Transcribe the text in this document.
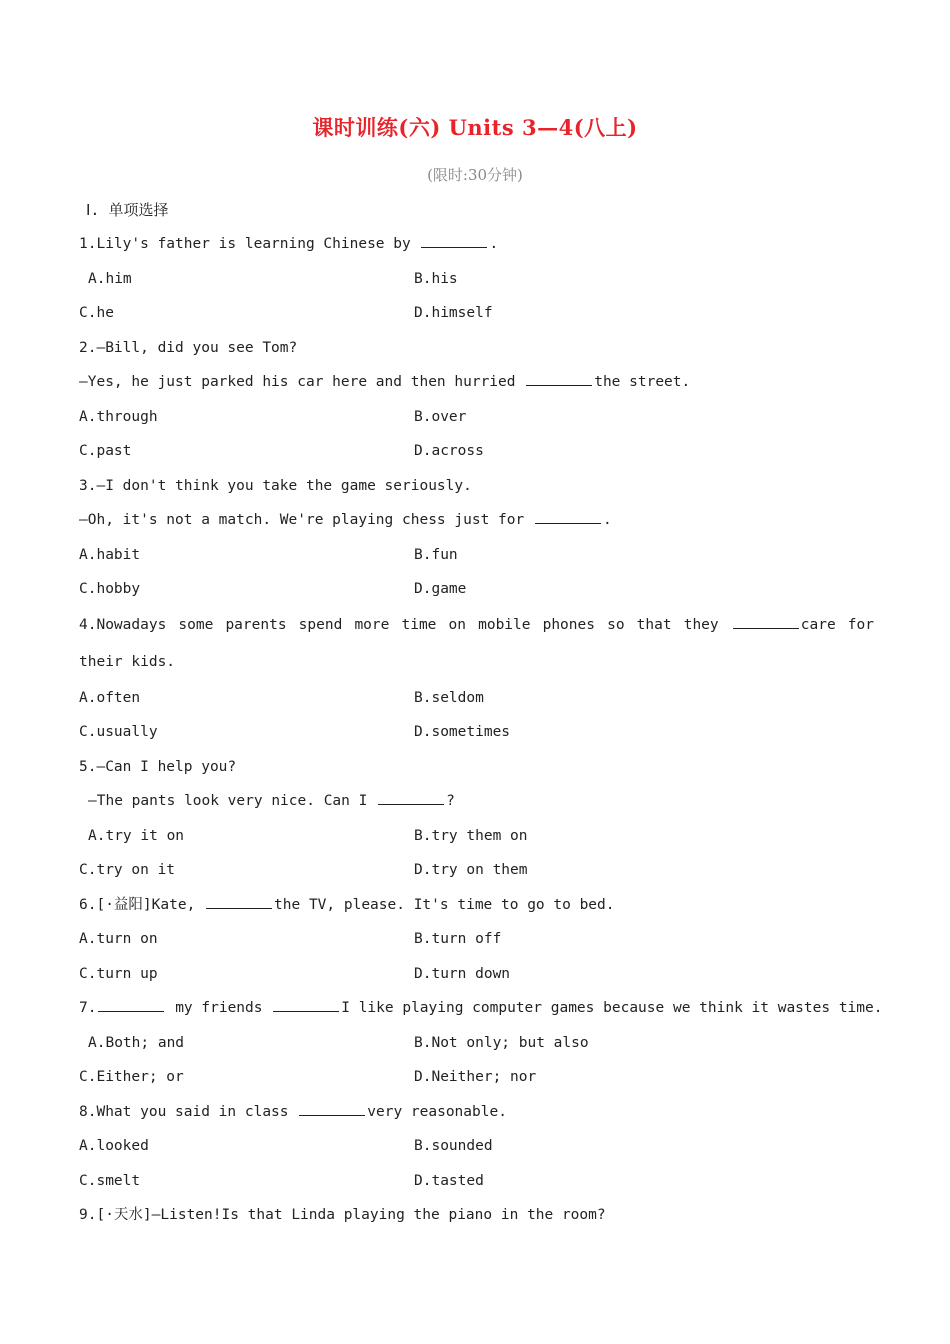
课时训练(六) Units 3—4(八上)
(限时:30分钟)
Ⅰ. 单项选择
1.Lily's father is learning Chinese by	.
A.him	B.his
C.he	D.himself
2.—Bill, did you see Tom?
—Yes, he just parked his car here and then hurried	the street.
A.through	B.over
C.past	D.across
3.—I don't think you take the game seriously.
—Oh, it's not a match. We're playing chess just for	.
A.habit	B.fun
C.hobby	D.game
4.Nowadays some parents spend more time on mobile phones so that they	care for their kids.
A.often	B.seldom
C.usually	D.sometimes
5.—Can I help you?
—The pants look very nice. Can I	?
A.try it on	B.try them on
C.try on it	D.try on them
6.[·益阳]Kate,	the TV, please. It's time to go to bed.
A.turn on	B.turn off
C.turn up	D.turn down
7.	my friends	I like playing computer games because we think it wastes time.
A.Both; and	B.Not only; but also
C.Either; or	D.Neither; nor
8.What you said in class	very reasonable.
A.looked	B.sounded
C.smelt	D.tasted
9.[·天水]—Listen!Is that Linda playing the piano in the room?
